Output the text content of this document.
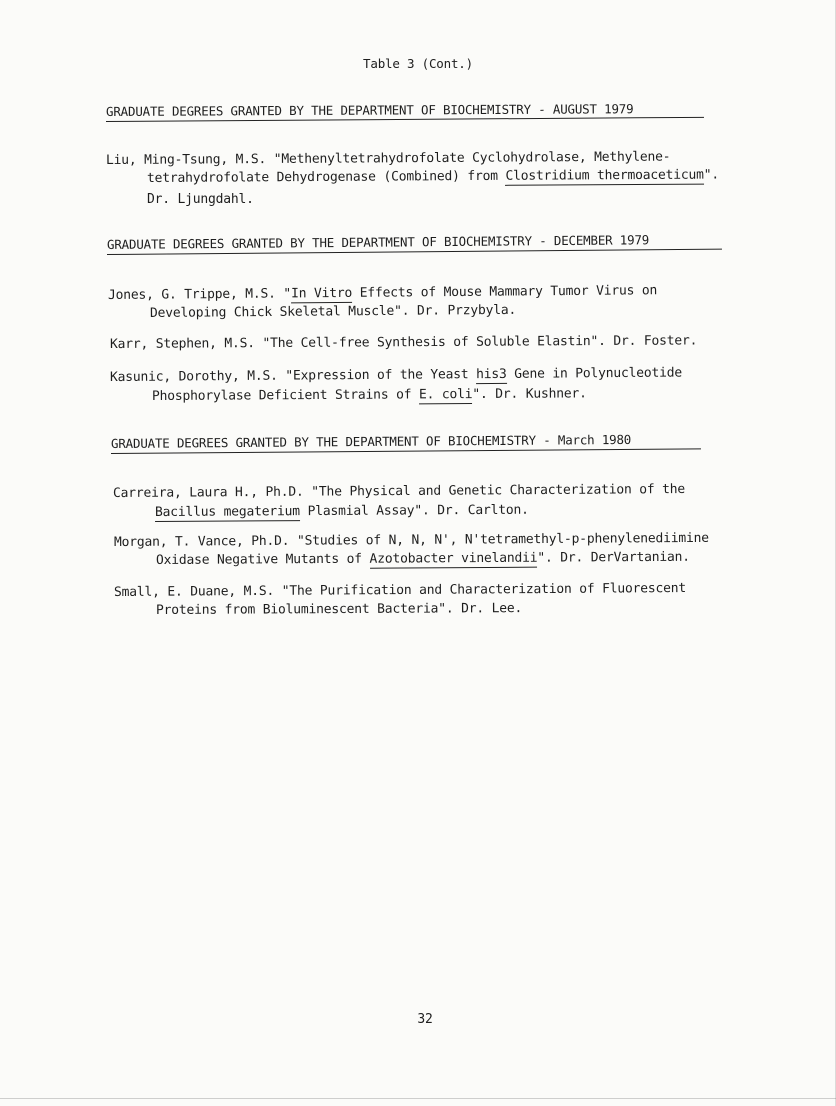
Table 3 (Cont.)
GRADUATE DEGREES GRANTED BY THE DEPARTMENT OF BIOCHEMISTRY - AUGUST 1979
Liu, Ming-Tsung, M.S. "Methenyltetrahydrofolate Cyclohydrolase, Methylene-
tetrahydrofolate Dehydrogenase (Combined) from Clostridium thermoaceticum".
Dr. Ljungdahl.
GRADUATE DEGREES GRANTED BY THE DEPARTMENT OF BIOCHEMISTRY - DECEMBER 1979
Jones, G. Trippe, M.S. "In Vitro Effects of Mouse Mammary Tumor Virus on
Developing Chick Skeletal Muscle". Dr. Przybyla.
Karr, Stephen, M.S. "The Cell-free Synthesis of Soluble Elastin". Dr. Foster.
Kasunic, Dorothy, M.S. "Expression of the Yeast his3 Gene in Polynucleotide
Phosphorylase Deficient Strains of E. coli". Dr. Kushner.
GRADUATE DEGREES GRANTED BY THE DEPARTMENT OF BIOCHEMISTRY - March 1980
Carreira, Laura H., Ph.D. "The Physical and Genetic Characterization of the
Bacillus megaterium Plasmial Assay". Dr. Carlton.
Morgan, T. Vance, Ph.D. "Studies of N, N, N', N'tetramethyl-p-phenylenediimine
Oxidase Negative Mutants of Azotobacter vinelandii". Dr. DerVartanian.
Small, E. Duane, M.S. "The Purification and Characterization of Fluorescent
Proteins from Bioluminescent Bacteria". Dr. Lee.
32
